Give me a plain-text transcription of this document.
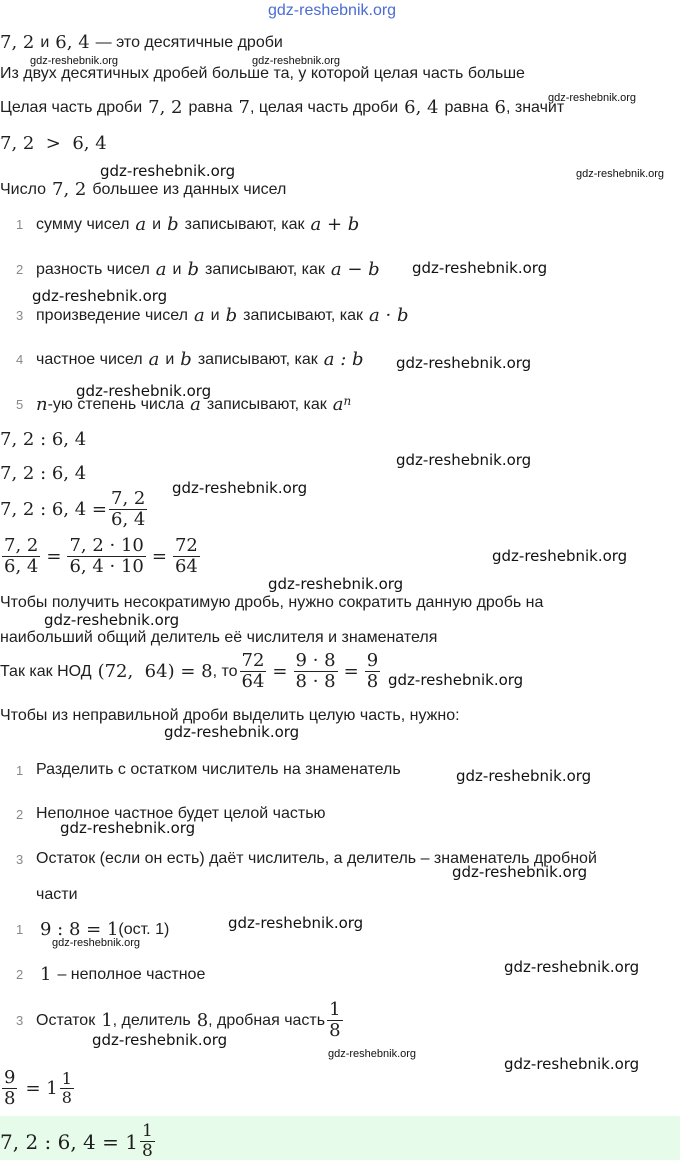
gdz-reshebnik.org
7, 2 и 6, 4 — это десятичные дроби
gdz-reshebnik.org	gdz-reshebnik.org
Из двух десятичных дробей больше та, у которой целая часть больше
gdz-reshebnik.org
Целая часть дроби 7, 2 равна 7 , целая часть дроби 6, 4 равна 6 , значит
7, 2  >  6, 4
gdz-reshebnik.org	gdz-reshebnik.org
Число 7, 2 большее из данных чисел
1 сумму чисел a и b записывают, как a + b
2 разность чисел a и b записывают, как a − b gdz-reshebnik.org
gdz-reshebnik.org
3 произведение чисел a и b записывают, как a · b
4 частное чисел a и b записывают, как a : b gdz-reshebnik.org
gdz-reshebnik.org
5 n -ую степень числа a записывают, как $a^n$
7, 2 : 6, 4
7, 2 : 6, 4
gdz-reshebnik.org
7, 2 : 6, $4 = \frac{7, 2}{6, 4}$
gdz-reshebnik.org
$\frac{7, 2}{6, 4} = \frac{7, 2 \cdot 10}{6, 4 \cdot 10} = \frac{72}{64}$	gdz-reshebnik.org
gdz-reshebnik.org
Чтобы получить несократимую дробь, нужно сократить данную дробь на
gdz-reshebnik.org
наибольший общий делитель её числителя и знаменателя
Так как НОД (72,  64) = 8 , то $\frac{72}{64} = \frac{9 \cdot 8}{8 \cdot 8} = \frac{9}{8}$ gdz-reshebnik.org
Чтобы из неправильной дроби выделить целую часть, нужно:
gdz-reshebnik.org
1 Разделить с остатком числитель на знаменатель	gdz-reshebnik.org
2 Неполное частное будет целой частью
gdz-reshebnik.org
3 Остаток (если он есть) даёт числитель, а делитель – знаменатель дробной
части
gdz-reshebnik.org
1 9 : 8 = 1 (ост. 1)	gdz-reshebnik.org
gdz-reshebnik.org
2 1 – неполное частное	gdz-reshebnik.org
3 Остаток 1 , делитель 8 , дробная часть $\frac{1}{8}$
gdz-reshebnik.org
gdz-reshebnik.org
gdz-reshebnik.org
$\frac{9}{8} = 1 \frac{1}{8}$
7, 2 : 6, $4 = 1 \frac{1}{8}$
